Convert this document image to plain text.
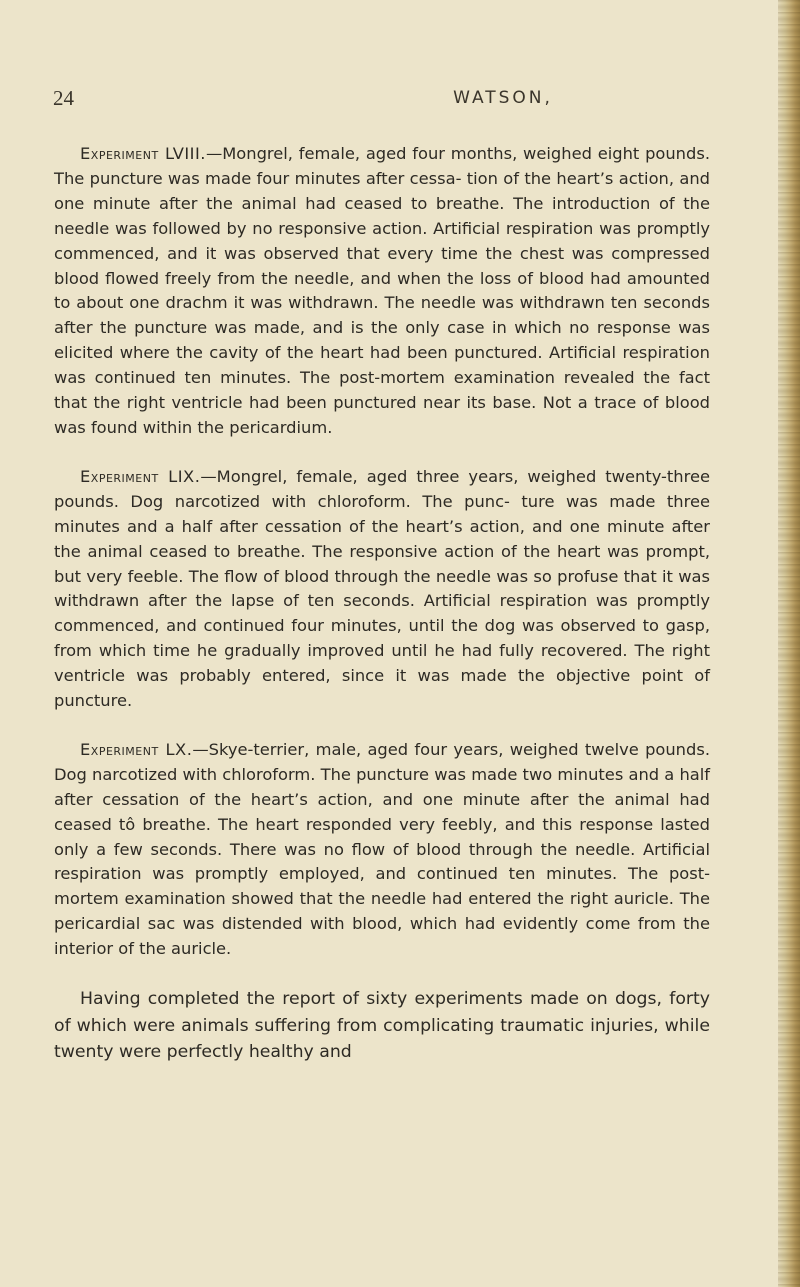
24	WATSON,

Experiment LVIII.—Mongrel, female, aged four months, weighed eight pounds. The puncture was made four minutes after cessa- tion of the heart’s action, and one minute after the animal had ceased to breathe. The introduction of the needle was followed by no responsive action. Artificial respiration was promptly commenced, and it was observed that every time the chest was compressed blood flowed freely from the needle, and when the loss of blood had amounted to about one drachm it was withdrawn. The needle was withdrawn ten seconds after the puncture was made, and is the only case in which no response was elicited where the cavity of the heart had been punctured. Artificial respiration was continued ten minutes. The post-mortem examination revealed the fact that the right ventricle had been punctured near its base. Not a trace of blood was found within the pericardium.

Experiment LIX.—Mongrel, female, aged three years, weighed twenty-three pounds. Dog narcotized with chloroform. The punc- ture was made three minutes and a half after cessation of the heart’s action, and one minute after the animal ceased to breathe. The responsive action of the heart was prompt, but very feeble. The flow of blood through the needle was so profuse that it was withdrawn after the lapse of ten seconds. Artificial respiration was promptly commenced, and continued four minutes, until the dog was observed to gasp, from which time he gradually improved until he had fully recovered. The right ventricle was probably entered, since it was made the objective point of puncture.

Experiment LX.—Skye-terrier, male, aged four years, weighed twelve pounds. Dog narcotized with chloroform. The puncture was made two minutes and a half after cessation of the heart’s action, and one minute after the animal had ceased tô breathe. The heart responded very feebly, and this response lasted only a few seconds. There was no flow of blood through the needle. Artificial respiration was promptly employed, and continued ten minutes. The post-mortem examination showed that the needle had entered the right auricle. The pericardial sac was distended with blood, which had evidently come from the interior of the auricle.

Having completed the report of sixty experiments made on dogs, forty of which were animals suffering from complicating traumatic injuries, while twenty were perfectly healthy and
